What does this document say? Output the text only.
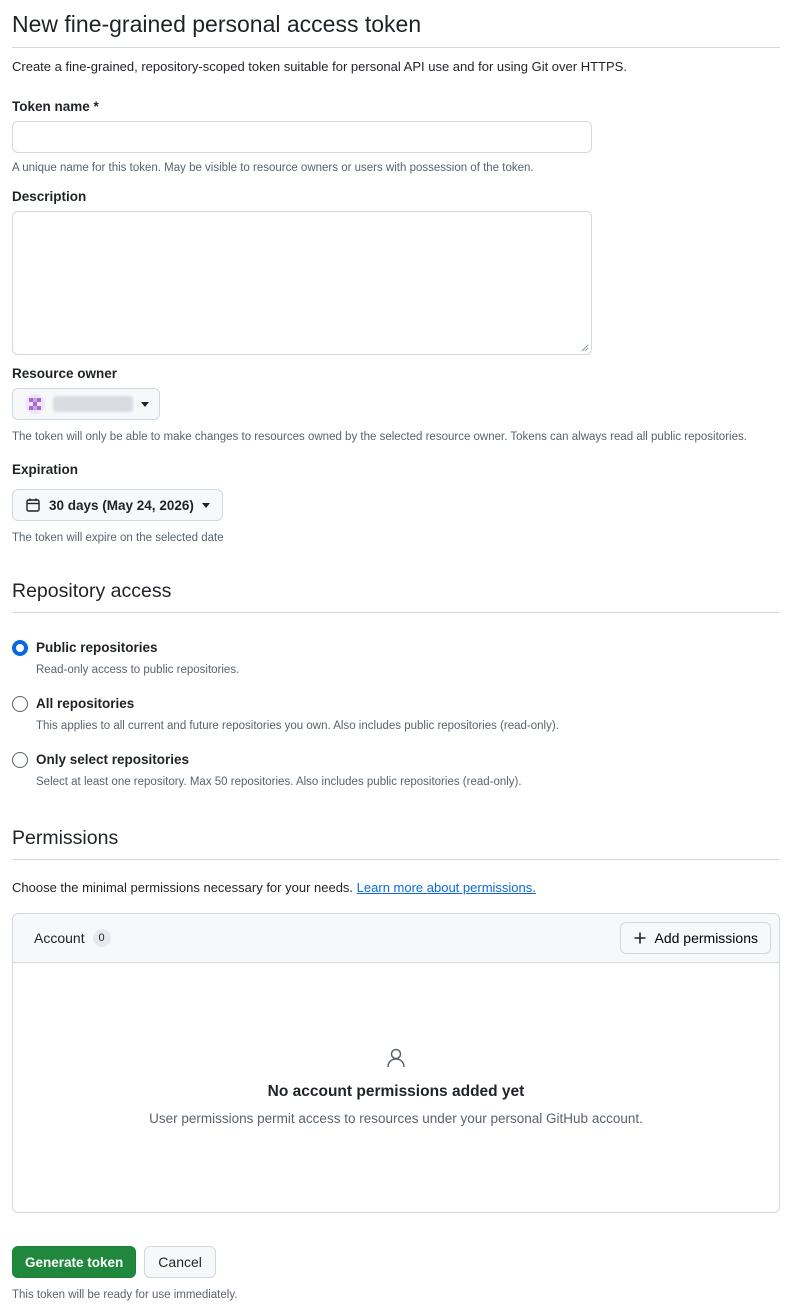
New fine-grained personal access token

Create a fine-grained, repository-scoped token suitable for personal API use and for using Git over HTTPS.

Token name *
A unique name for this token. May be visible to resource owners or users with possession of the token.
Description
Resource owner
The token will only be able to make changes to resources owned by the selected resource owner. Tokens can always read all public repositories.
Expiration
30 days (May 24, 2026)
The token will expire on the selected date
Repository access
Public repositories
Read-only access to public repositories.
All repositories
This applies to all current and future repositories you own. Also includes public repositories (read-only).
Only select repositories
Select at least one repository. Max 50 repositories. Also includes public repositories (read-only).
Permissions
Choose the minimal permissions necessary for your needs. Learn more about permissions.
Account	0	Add permissions
No account permissions added yet
User permissions permit access to resources under your personal GitHub account.
Generate token	Cancel
This token will be ready for use immediately.
